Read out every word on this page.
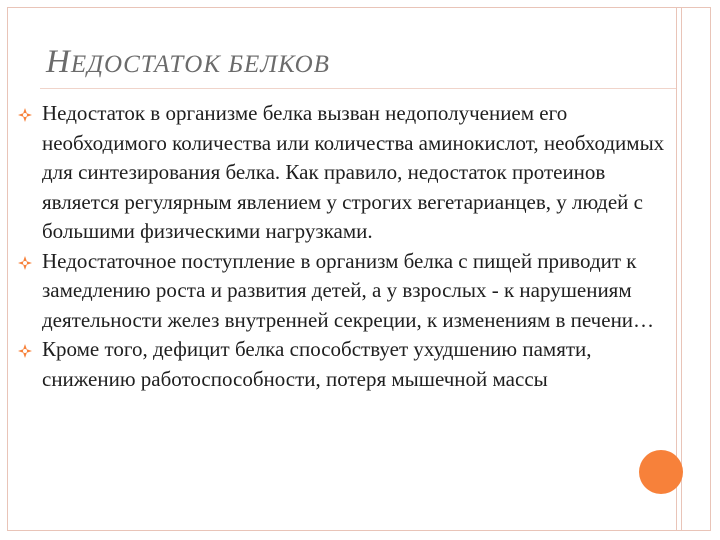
НЕДОСТАТОК БЕЛКОВ
Недостаток в организме белка вызван недополучением его необходимого количества или количества аминокислот, необходимых для синтезирования белка. Как правило, недостаток протеинов является регулярным явлением у строгих вегетарианцев, у людей с большими физическими нагрузками.
Недостаточное поступление в организм белка с пищей приводит к замедлению роста и развития детей, а у взрослых - к нарушениям деятельности желез внутренней секреции, к изменениям в печени…
Кроме того, дефицит белка способствует ухудшению памяти, снижению работоспособности, потеря мышечной массы
